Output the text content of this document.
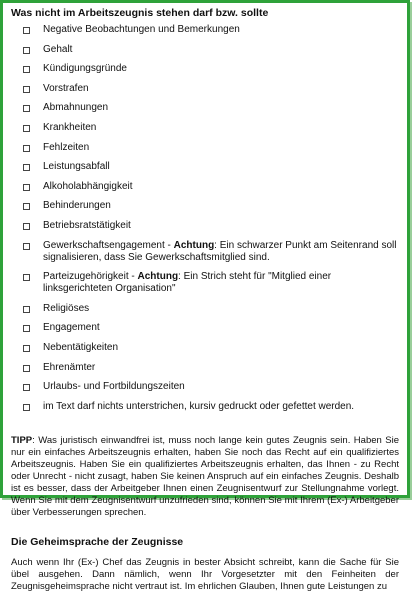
Was nicht im Arbeitszeugnis stehen darf bzw. sollte
Negative Beobachtungen und Bemerkungen
Gehalt
Kündigungsgründe
Vorstrafen
Abmahnungen
Krankheiten
Fehlzeiten
Leistungsabfall
Alkoholabhängigkeit
Behinderungen
Betriebsratstätigkeit
Gewerkschaftsengagement - Achtung: Ein schwarzer Punkt am Seitenrand soll signalisieren, dass Sie Gewerkschaftsmitglied sind.
Parteizugehörigkeit - Achtung: Ein Strich steht für "Mitglied einer linksgerichteten Organisation"
Religiöses
Engagement
Nebentätigkeiten
Ehrenämter
Urlaubs- und Fortbildungszeiten
im Text darf nichts unterstrichen, kursiv gedruckt oder gefettet werden.
TIPP: Was juristisch einwandfrei ist, muss noch lange kein gutes Zeugnis sein. Haben Sie nur ein einfaches Arbeitszeugnis erhalten, haben Sie noch das Recht auf ein qualifiziertes Arbeitszeugnis. Haben Sie ein qualifiziertes Arbeitszeugnis erhalten, das Ihnen - zu Recht oder Unrecht - nicht zusagt, haben Sie keinen Anspruch auf ein einfaches Zeugnis. Deshalb ist es besser, dass der Arbeitgeber Ihnen einen Zeugnisentwurf zur Stellungnahme vorlegt. Wenn Sie mit dem Zeugnisentwurf unzufrieden sind, können Sie mit Ihrem (Ex-) Arbeitgeber über Verbesserungen sprechen.
Die Geheimsprache der Zeugnisse
Auch wenn Ihr (Ex-) Chef das Zeugnis in bester Absicht schreibt, kann die Sache für Sie übel ausgehen. Dann nämlich, wenn Ihr Vorgesetzter mit den Feinheiten der Zeugnisgeheimsprache nicht vertraut ist. Im ehrlichen Glauben, Ihnen gute Leistungen zu
